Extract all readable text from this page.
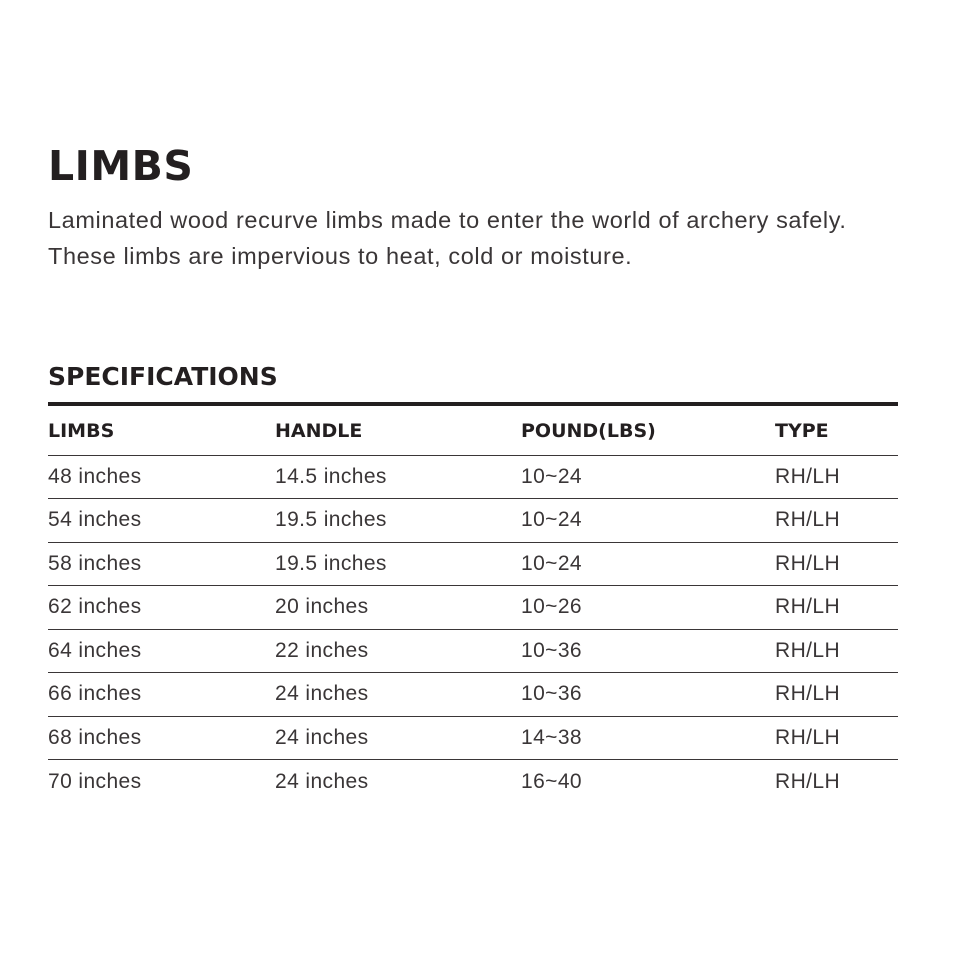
LIMBS

Laminated wood recurve limbs made to enter the world of archery safely.
These limbs are impervious to heat, cold or moisture.

SPECIFICATIONS
LIMBS	HANDLE	POUND(LBS)	TYPE
48 inches	14.5 inches	10~24	RH/LH
54 inches	19.5 inches	10~24	RH/LH
58 inches	19.5 inches	10~24	RH/LH
62 inches	20 inches	10~26	RH/LH
64 inches	22 inches	10~36	RH/LH
66 inches	24 inches	10~36	RH/LH
68 inches	24 inches	14~38	RH/LH
70 inches	24 inches	16~40	RH/LH
